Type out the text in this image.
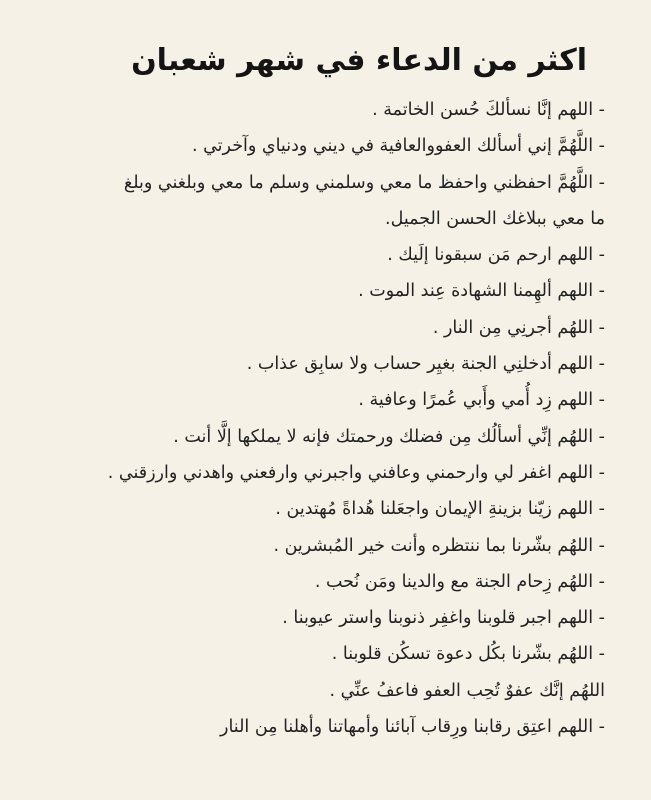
اكثر من الدعاء في شهر شعبان
- اللهم إنَّا نسألكَ حُسن الخاتمة .
- اللَّهُمَّ إني أسألك العفووالعافية في ديني ودنياي وآخرتي .
- اللَّهُمَّ احفظني واحفظ ما معي وسلمني وسلم ما معي وبلغني وبلغ
ما معي ببلاغك الحسن الجميل.
- اللهم ارحم مَن سبقونا إلَيك .
- اللهم ألهِمنا الشهادة عِند الموت .
- اللهُم أجرنِي مِن النار .
- اللهم أدخلنِي الجنة بغيِر حساب ولا سابِق عذاب .
- اللهم زِد أُمي وأَبي عُمرًا وعافية .
- اللهُم إنِّي أسألُك مِن فضلك ورحمتك فإنه لا يملكها إلَّا أنت .
- اللهم اغفر لي وارحمني وعافني واجبرني وارفعني واهدني وارزقني .
- اللهم زيّنا بزينةِ الإيمان واجعَلنا هُداةً مُهتدين .
- اللهُم بشّرنا بما ننتظره وأنت خير المُبشرين .
- اللهُم زِحام الجنة مع والدينا ومَن نُحب .
- اللهم اجبر قلوبنا واغفِر ذنوبنا واستر عيوبنا .
- اللهُم بشّرنا بكُل دعوة تسكُن قلوبنا .
اللهُم إنَّك عفوٌ تُحِب العفو فاعفُ عنِّي .
- اللهم اعتِق رقابنا ورِقاب آبائنا وأمهاتنا وأهلنا مِن النار
